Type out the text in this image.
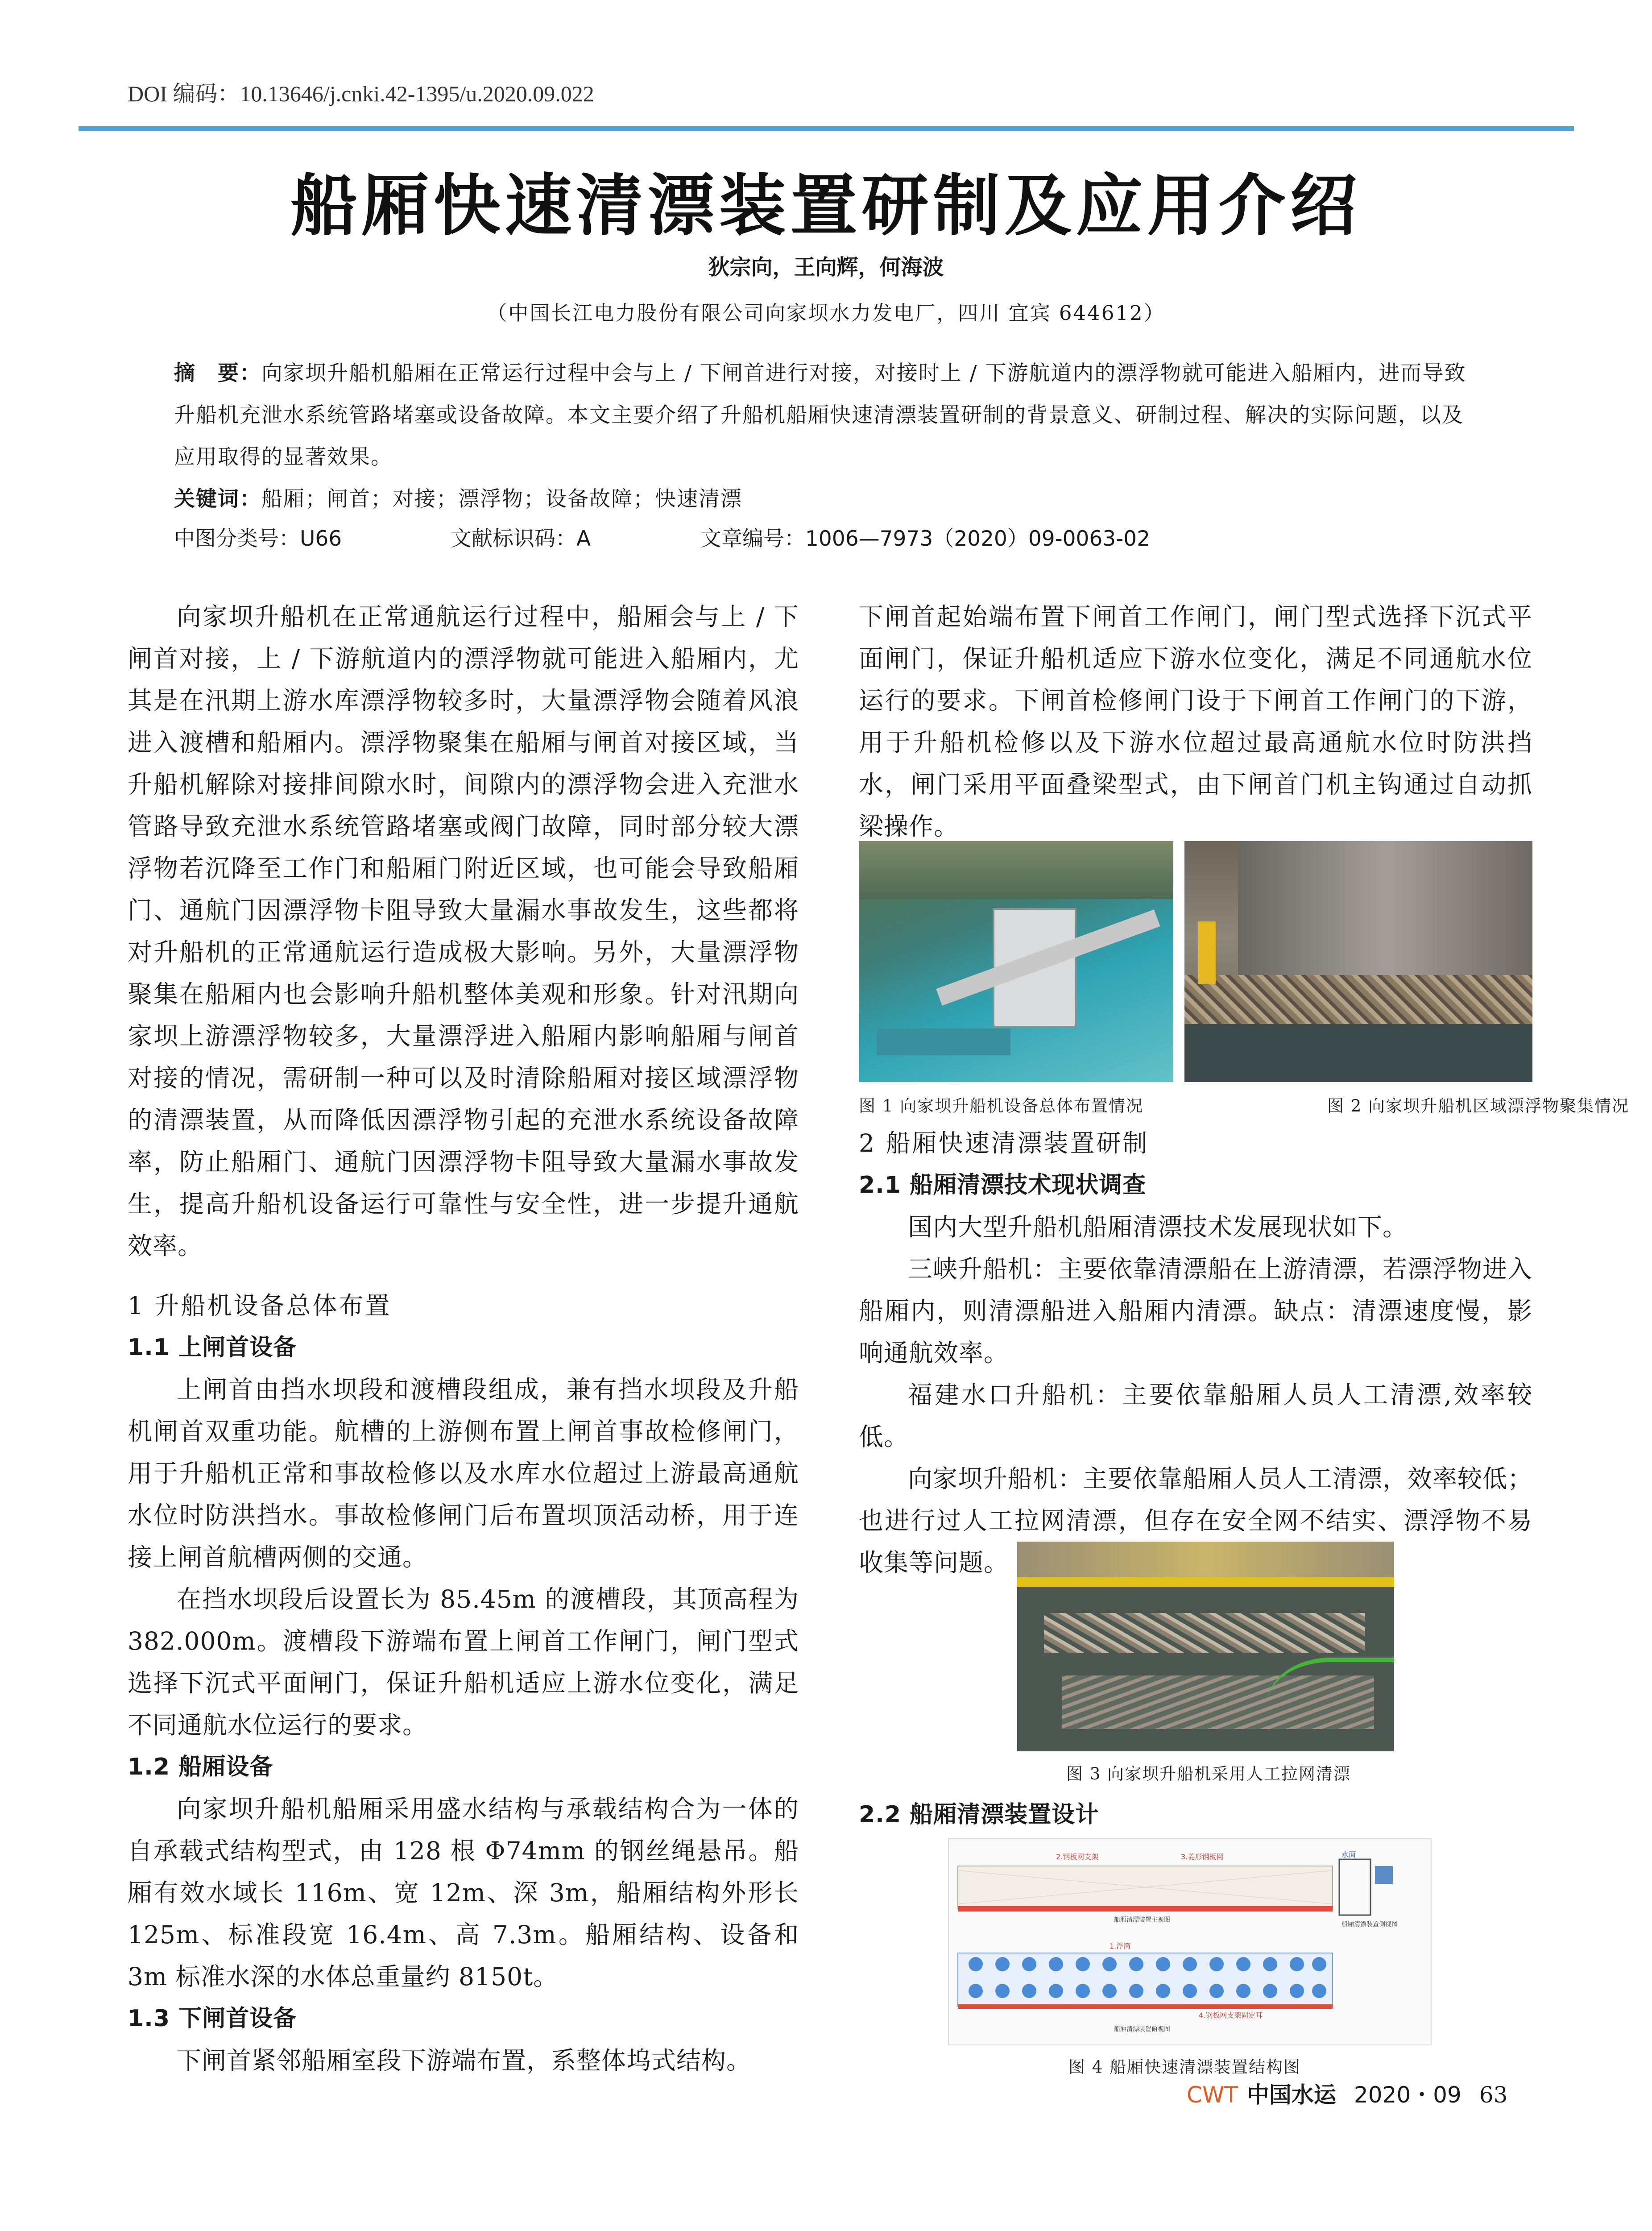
DOI 编码：10.13646/j.cnki.42-1395/u.2020.09.022
船厢快速清漂装置研制及应用介绍
狄宗向，王向辉，何海波
（中国长江电力股份有限公司向家坝水力发电厂，四川 宜宾 644612）
摘　要：向家坝升船机船厢在正常运行过程中会与上 / 下闸首进行对接，对接时上 / 下游航道内的漂浮物就可能进入船厢内，进而导致升船机充泄水系统管路堵塞或设备故障。本文主要介绍了升船机船厢快速清漂装置研制的背景意义、研制过程、解决的实际问题，以及应用取得的显著效果。
关键词：船厢；闸首；对接；漂浮物；设备故障；快速清漂
中图分类号：U66	文献标识码：A	文章编号：1006—7973（2020）09-0063-02

向家坝升船机在正常通航运行过程中，船厢会与上 / 下闸首对接，上 / 下游航道内的漂浮物就可能进入船厢内，尤其是在汛期上游水库漂浮物较多时，大量漂浮物会随着风浪进入渡槽和船厢内。漂浮物聚集在船厢与闸首对接区域，当升船机解除对接排间隙水时，间隙内的漂浮物会进入充泄水管路导致充泄水系统管路堵塞或阀门故障，同时部分较大漂浮物若沉降至工作门和船厢门附近区域，也可能会导致船厢门、通航门因漂浮物卡阻导致大量漏水事故发生，这些都将对升船机的正常通航运行造成极大影响。另外，大量漂浮物聚集在船厢内也会影响升船机整体美观和形象。针对汛期向家坝上游漂浮物较多，大量漂浮进入船厢内影响船厢与闸首对接的情况，需研制一种可以及时清除船厢对接区域漂浮物的清漂装置，从而降低因漂浮物引起的充泄水系统设备故障率，防止船厢门、通航门因漂浮物卡阻导致大量漏水事故发生，提高升船机设备运行可靠性与安全性，进一步提升通航效率。

1 升船机设备总体布置
1.1 上闸首设备

上闸首由挡水坝段和渡槽段组成，兼有挡水坝段及升船机闸首双重功能。航槽的上游侧布置上闸首事故检修闸门，用于升船机正常和事故检修以及水库水位超过上游最高通航水位时防洪挡水。事故检修闸门后布置坝顶活动桥，用于连接上闸首航槽两侧的交通。

在挡水坝段后设置长为 85.45m 的渡槽段，其顶高程为 382.000m。渡槽段下游端布置上闸首工作闸门，闸门型式选择下沉式平面闸门，保证升船机适应上游水位变化，满足不同通航水位运行的要求。

1.2 船厢设备

向家坝升船机船厢采用盛水结构与承载结构合为一体的自承载式结构型式，由 128 根 Φ74mm 的钢丝绳悬吊。船厢有效水域长 116m、宽 12m、深 3m，船厢结构外形长 125m、标准段宽 16.4m、高 7.3m。船厢结构、设备和 3m 标准水深的水体总重量约 8150t。

1.3 下闸首设备

下闸首紧邻船厢室段下游端布置，系整体坞式结构。

下闸首起始端布置下闸首工作闸门，闸门型式选择下沉式平面闸门，保证升船机适应下游水位变化，满足不同通航水位运行的要求。下闸首检修闸门设于下闸首工作闸门的下游，用于升船机检修以及下游水位超过最高通航水位时防洪挡水，闸门采用平面叠梁型式，由下闸首门机主钩通过自动抓梁操作。

图 1 向家坝升船机设备总体布置情况	图 2 向家坝升船机区域漂浮物聚集情况
2 船厢快速清漂装置研制
2.1 船厢清漂技术现状调查

国内大型升船机船厢清漂技术发展现状如下。

三峡升船机：主要依靠清漂船在上游清漂，若漂浮物进入船厢内，则清漂船进入船厢内清漂。缺点：清漂速度慢，影响通航效率。

福建水口升船机：主要依靠船厢人员人工清漂,效率较低。

向家坝升船机：主要依靠船厢人员人工清漂，效率较低；也进行过人工拉网清漂，但存在安全网不结实、漂浮物不易收集等问题。

图 3 向家坝升船机采用人工拉网清漂
2.2 船厢清漂装置设计
2.钢板网支架	3.菱形钢板网	水面
1.浮筒
4.钢板网支架固定耳
船厢清漂装置主视图
船厢清漂装置侧视图
船厢清漂装置俯视图
图 4 船厢快速清漂装置结构图
CWT 中国水运 2020・09 63
